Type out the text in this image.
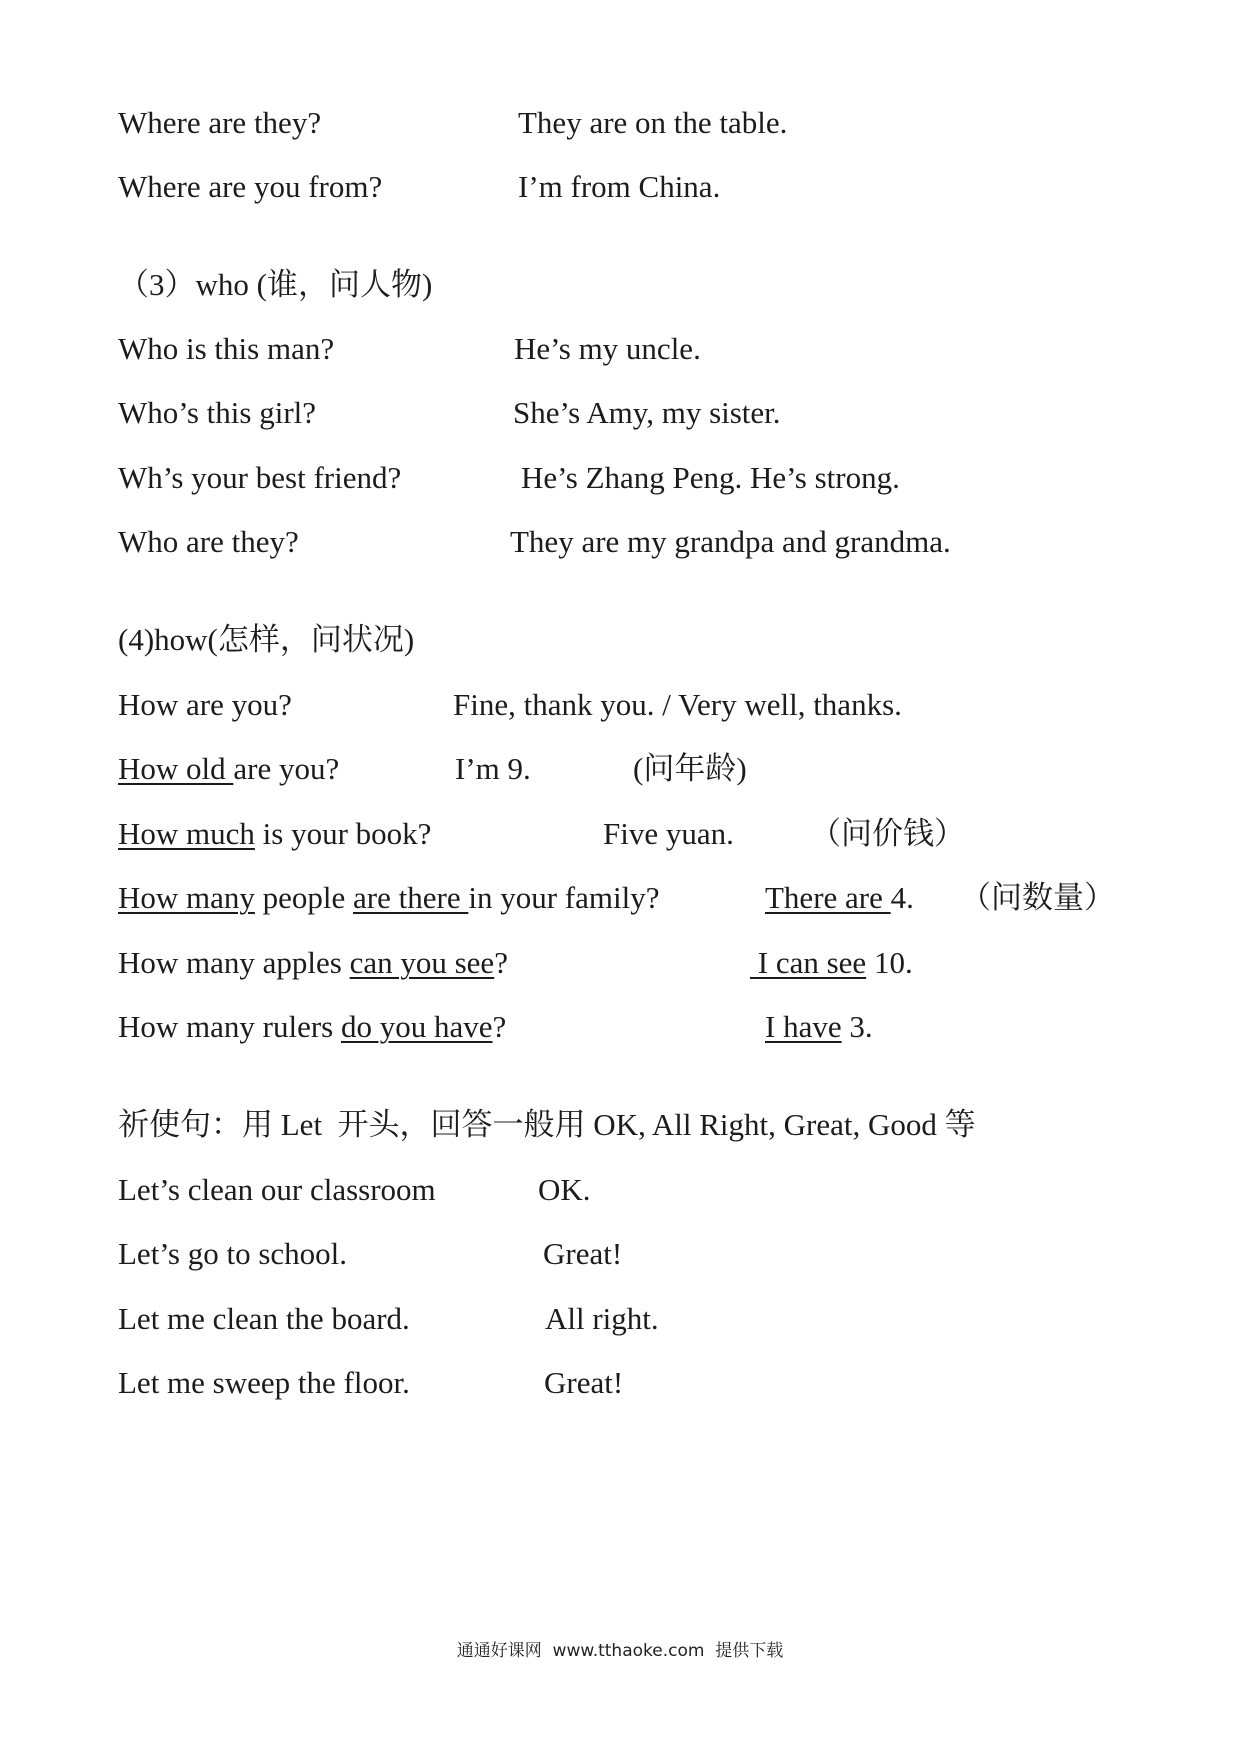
Where are they?	They are on the table.
Where are you from?	I’m from China.
（3）who (谁，问人物)
Who is this man?	He’s my uncle.
Who’s this girl?	She’s Amy, my sister.
Wh’s your best friend?	He’s Zhang Peng. He’s strong.
Who are they?	They are my grandpa and grandma.
(4)how(怎样，问状况)
How are you?	Fine, thank you. / Very well, thanks.
How old are you?	I’m 9.	(问年龄)
How much is your book?	Five yuan. （问价钱）
How many people are there in your family?	There are 4. （问数量）
How many apples can you see?	I can see 10.
How many rulers do you have?	I have 3.
祈使句：用 Let  开头，回答一般用 OK, All Right, Great, Good 等
Let’s clean our classroom	OK.
Let’s go to school.	Great!
Let me clean the board.	All right.
Let me sweep the floor.	Great!
通通好课网  www.tthaoke.com  提供下载
